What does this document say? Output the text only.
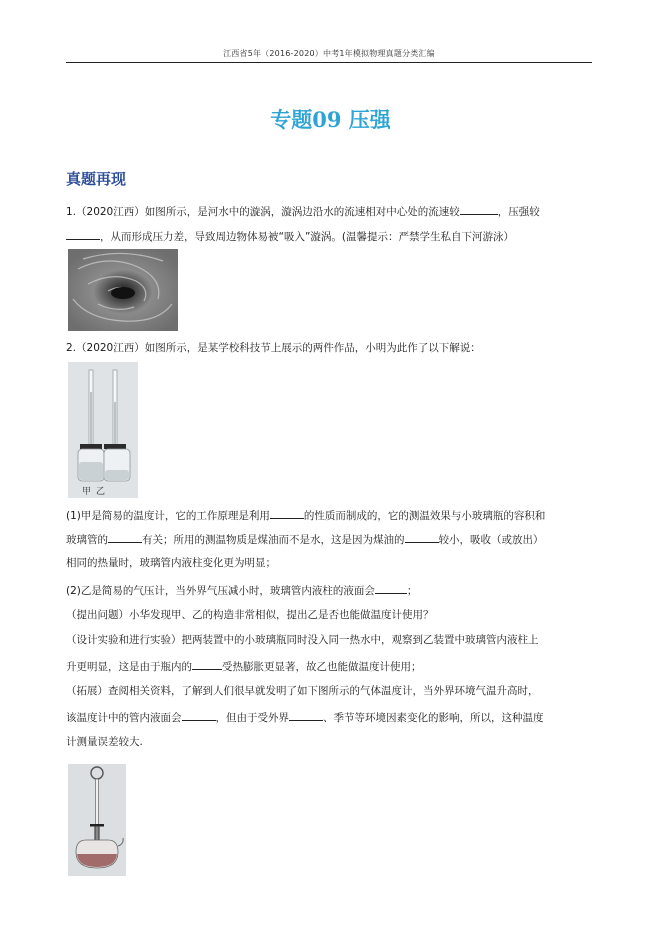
江西省5年（2016-2020）中考1年模拟物理真题分类汇编
专题09 压强
真题再现
1.（2020江西）如图所示，是河水中的漩涡，漩涡边沿水的流速相对中心处的流速较	，压强较
，从而形成压力差，导致周边物体易被“吸入”漩涡。(温馨提示：严禁学生私自下河游泳）
2.（2020江西）如图所示，是某学校科技节上展示的两件作品，小明为此作了以下解说：
甲 乙
(1)甲是简易的温度计，它的工作原理是利用	的性质而制成的，它的测温效果与小玻璃瓶的容积和
玻璃管的	有关；所用的测温物质是煤油而不是水，这是因为煤油的	较小，吸收（或放出）
相同的热量时，玻璃管内液柱变化更为明显；
(2)乙是简易的气压计，当外界气压减小时，玻璃管内液柱的液面会	；
（提出问题）小华发现甲、乙的构造非常相似，提出乙是否也能做温度计使用？
（设计实验和进行实验）把两装置中的小玻璃瓶同时没入同一热水中，观察到乙装置中玻璃管内液柱上
升更明显，这是由于瓶内的	受热膨胀更显著，故乙也能做温度计使用；
（拓展）查阅相关资料，了解到人们很早就发明了如下图所示的气体温度计，当外界环境气温升高时，
该温度计中的管内液面会	，但由于受外界	、季节等环境因素变化的影响，所以，这种温度
计测量误差较大.
